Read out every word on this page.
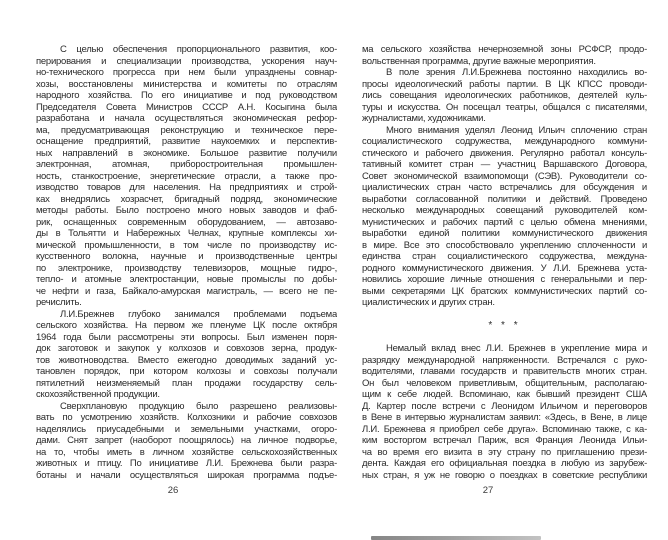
С целью обеспечения пропорционального развития, коо-
перирования и специализации производства, ускорения науч-
но-технического прогресса при нем были упразднены совнар-
хозы, восстановлены министерства и комитеты по отраслям
народного хозяйства. По его инициативе и под руководством
Председателя Совета Министров СССР А.Н. Косыгина была
разработана и начала осуществляться экономическая рефор-
ма, предусматривающая реконструкцию и техническое пере-
оснащение предприятий, развитие наукоемких и перспектив-
ных направлений в экономике. Большое развитие получили
электронная, атомная, приборостроительная промышлен-
ность, станкостроение, энергетические отрасли, а также про-
изводство товаров для населения. На предприятиях и строй-
ках внедрялись хозрасчет, бригадный подряд, экономические
методы работы. Было построено много новых заводов и фаб-
рик, оснащенных современным оборудованием, — автозаво-
ды в Тольятти и Набережных Челнах, крупные комплексы хи-
мической промышленности, в том числе по производству ис-
кусственного волокна, научные и производственные центры
по электронике, производству телевизоров, мощные гидро-,
тепло- и атомные электростанции, новые промыслы по добы-
че нефти и газа, Байкало-амурская магистраль, — всего не пе-
речислить.
Л.И.Брежнев глубоко занимался проблемами подъема
сельского хозяйства. На первом же пленуме ЦК после октября
1964 года были рассмотрены эти вопросы. Был изменен поря-
док заготовок и закупок у колхозов и совхозов зерна, продук-
тов животноводства. Вместо ежегодно доводимых заданий ус-
тановлен порядок, при котором колхозы и совхозы получали
пятилетний неизменяемый план продажи государству сель-
скохозяйственной продукции.
Сверхплановую продукцию было разрешено реализовы-
вать по усмотрению хозяйств. Колхозники и рабочие совхозов
наделялись приусадебными и земельными участками, огоро-
дами. Снят запрет (наоборот поощрялось) на личное подворье,
на то, чтобы иметь в личном хозяйстве сельскохозяйственных
животных и птицу. По инициативе Л.И. Брежнева были разра-
ботаны и начали осуществляться широкая программа подъе-
ма сельского хозяйства нечерноземной зоны РСФСР, продо-
вольственная программа, другие важные мероприятия.
В поле зрения Л.И.Брежнева постоянно находились во-
просы идеологический работы партии. В ЦК КПСС проводи-
лись совещания идеологических работников, деятелей куль-
туры и искусства. Он посещал театры, общался с писателями,
журналистами, художниками.
Много внимания уделял Леонид Ильич сплочению стран
социалистического содружества, международного коммуни-
стического и рабочего движения. Регулярно работал консуль-
тативный комитет стран — участниц Варшавского Договора,
Совет экономической взаимопомощи (СЭВ). Руководители со-
циалистических стран часто встречались для обсуждения и
выработки согласованной политики и действий. Проведено
несколько международных совещаний руководителей ком-
мунистических и рабочих партий с целью обмена мнениями,
выработки единой политики коммунистического движения
в мире. Все это способствовало укреплению сплоченности и
единства стран социалистического содружества, междуна-
родного коммунистического движения. У Л.И. Брежнева уста-
новились хорошие личные отношения с генеральными и пер-
выми секретарями ЦК братских коммунистических партий со-
циалистических и других стран.
* * *
Немалый вклад внес Л.И. Брежнев в укрепление мира и
разрядку международной напряженности. Встречался с руко-
водителями, главами государств и правительств многих стран.
Он был человеком приветливым, общительным, располагаю-
щим к себе людей. Вспоминаю, как бывший президент США
Д. Картер после встречи с Леонидом Ильичом и переговоров
в Вене в интервью журналистам заявил: «Здесь, в Вене, в лице
Л.И. Брежнева я приобрел себе друга». Вспоминаю также, с ка-
ким восторгом встречал Париж, вся Франция Леонида Ильи-
ча во время его визита в эту страну по приглашению прези-
дента. Каждая его официальная поездка в любую из зарубеж-
ных стран, я уж не говорю о поездках в советские республики
26	27
